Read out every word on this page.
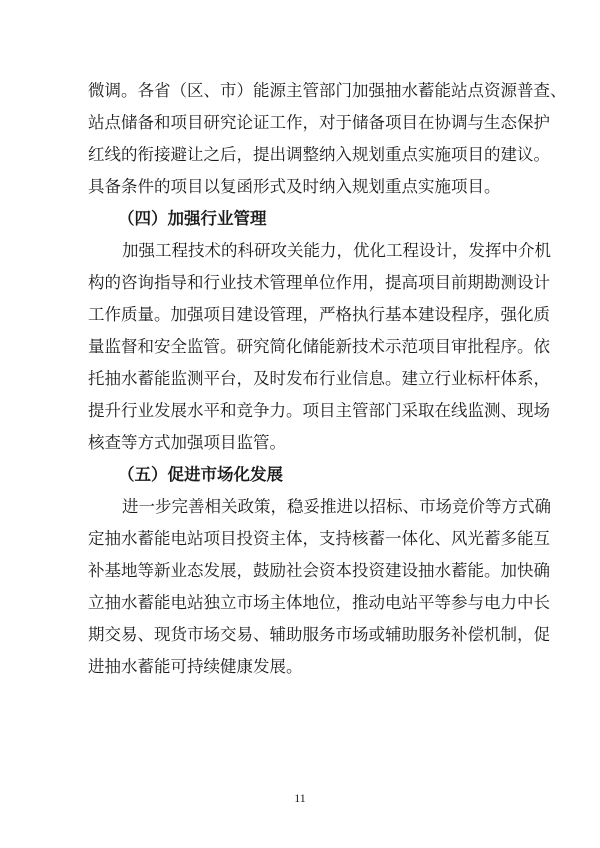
微调。各省（区、市）能源主管部门加强抽水蓄能站点资源普查、
站点储备和项目研究论证工作，对于储备项目在协调与生态保护
红线的衔接避让之后，提出调整纳入规划重点实施项目的建议。
具备条件的项目以复函形式及时纳入规划重点实施项目。
（四）加强行业管理
加强工程技术的科研攻关能力，优化工程设计，发挥中介机
构的咨询指导和行业技术管理单位作用，提高项目前期勘测设计
工作质量。加强项目建设管理，严格执行基本建设程序，强化质
量监督和安全监管。研究简化储能新技术示范项目审批程序。依
托抽水蓄能监测平台，及时发布行业信息。建立行业标杆体系，
提升行业发展水平和竞争力。项目主管部门采取在线监测、现场
核查等方式加强项目监管。
（五）促进市场化发展
进一步完善相关政策，稳妥推进以招标、市场竞价等方式确
定抽水蓄能电站项目投资主体，支持核蓄一体化、风光蓄多能互
补基地等新业态发展，鼓励社会资本投资建设抽水蓄能。加快确
立抽水蓄能电站独立市场主体地位，推动电站平等参与电力中长
期交易、现货市场交易、辅助服务市场或辅助服务补偿机制，促
进抽水蓄能可持续健康发展。
11
